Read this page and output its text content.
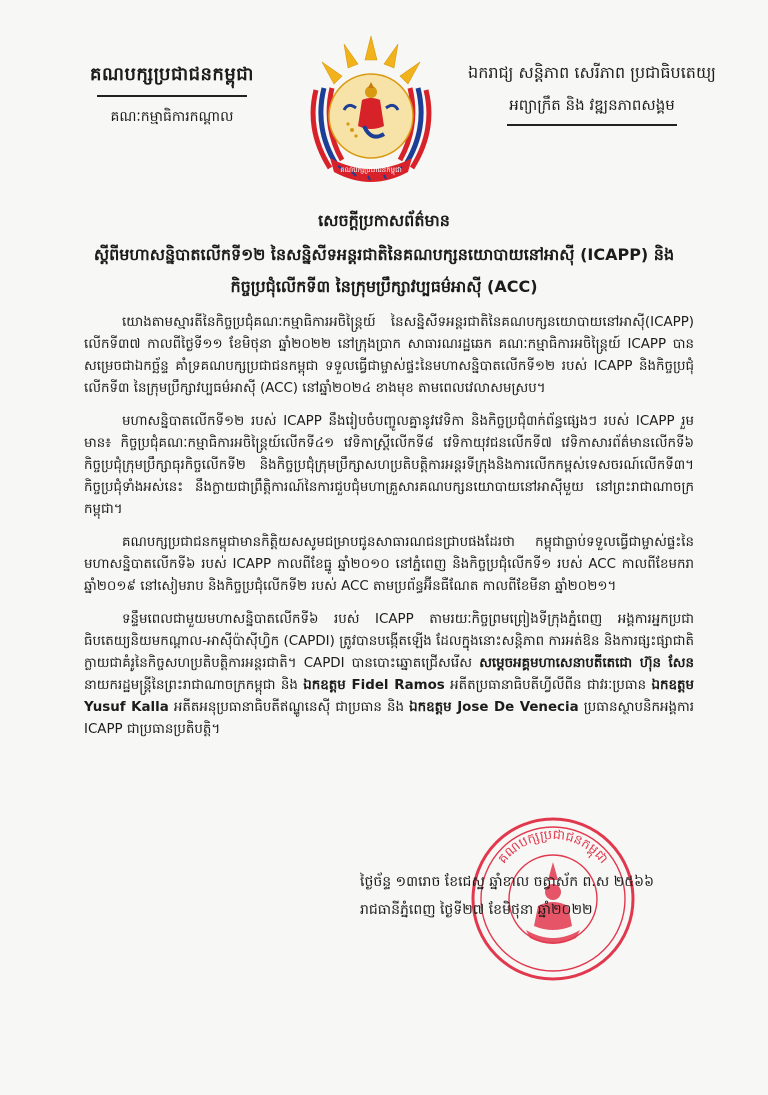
គណបក្សប្រជាជនកម្ពុជា
គណៈកម្មាធិការកណ្ដាល
គណបក្សប្រជាជនកម្ពុជា
ឯករាជ្យ សន្តិភាព សេរីភាព ប្រជាធិបតេយ្យ
អព្យាក្រឹត និង វឌ្ឍនភាពសង្គម
សេចក្ដីប្រកាសព័ត៌មាន
ស្ដីពីមហាសន្និបាតលើកទី១២ នៃសន្និសីទអន្តរជាតិនៃគណបក្សនយោបាយនៅអាស៊ី (ICAPP) និង
កិច្ចប្រជុំលើកទី៣ នៃក្រុមប្រឹក្សាវប្បធម៌អាស៊ី (ACC)

យោងតាមស្មារតីនៃកិច្ចប្រជុំគណៈកម្មាធិការអចិន្ត្រៃយ៍ នៃសន្និសីទអន្តរជាតិនៃគណបក្សនយោបាយនៅអាស៊ី(ICAPP) លើកទី៣៧ កាលពីថ្ងៃទី១១ ខែមិថុនា ឆ្នាំ២០២២ នៅក្រុងប្រាក សាធារណរដ្ឋឆេក គណៈកម្មាធិការអចិន្ត្រៃយ៍ ICAPP បានសម្រេចជាឯកច្ឆ័ន្ទ គាំទ្រគណបក្សប្រជាជនកម្ពុជា ទទួលធ្វើជាម្ចាស់ផ្ទះនៃមហាសន្និបាតលើកទី១២ របស់ ICAPP និងកិច្ចប្រជុំលើកទី៣ នៃក្រុមប្រឹក្សាវប្បធម៌អាស៊ី (ACC) នៅឆ្នាំ២០២៤ ខាងមុខ តាមពេលវេលាសមស្រប។

មហាសន្និបាតលើកទី១២ របស់ ICAPP នឹងរៀបចំបញ្ចូលគ្នានូវវេទិកា និងកិច្ចប្រជុំ៣ក់ព័ន្ធផ្សេងៗ របស់ ICAPP រួមមាន៖ កិច្ចប្រជុំគណៈកម្មាធិការអចិន្ត្រៃយ៍លើកទី៤១ វេទិកាស្ត្រីលើកទី៨ វេទិកាយុវជនលើកទី៧ វេទិកាសារព័ត៌មានលើកទី៦ កិច្ចប្រជុំក្រុមប្រឹក្សាធុរកិច្ចលើកទី២ និងកិច្ចប្រជុំក្រុមប្រឹក្សាសហប្រតិបត្តិការអន្តរទីក្រុងនិងការលើកកម្ពស់ទេសចរណ៍លើកទី៣។ កិច្ចប្រជុំទាំងអស់នេះ នឹងក្លាយជាព្រឹត្តិការណ៍នៃការជួបជុំមហាគ្រួសារគណបក្សនយោបាយនៅអាស៊ីមួយ នៅព្រះរាជាណាចក្រកម្ពុជា។

គណបក្សប្រជាជនកម្ពុជាមានកិត្តិយសសូមជម្រាបជូនសាធារណជនជ្រាបផងដែរថា កម្ពុជាធ្លាប់ទទួលធ្វើជាម្ចាស់ផ្ទះនៃមហាសន្និបាតលើកទី៦ របស់ ICAPP កាលពីខែធ្នូ ឆ្នាំ២០១០ នៅភ្នំពេញ និងកិច្ចប្រជុំលើកទី១ របស់ ACC កាលពីខែមករា ឆ្នាំ២០១៩ នៅសៀមរាប និងកិច្ចប្រជុំលើកទី២ របស់ ACC តាមប្រព័ន្ធអ៊ីនធឺណែត កាលពីខែមីនា ឆ្នាំ២០២១។

ទន្ទឹមពេលជាមួយមហាសន្និបាតលើកទី៦ របស់ ICAPP តាមរយៈកិច្ចព្រមព្រៀងទីក្រុងភ្នំពេញ អង្គការអ្នកប្រជាធិបតេយ្យនិយមកណ្ដាល-អាស៊ីប៉ាស៊ីហ្វិក (CAPDI) ត្រូវបានបង្កើតឡើង ដែលក្នុងនោះសន្តិភាព ការអត់ឱន និងការផ្សះផ្សាជាតិ ក្លាយជាគំរូនៃកិច្ចសហប្រតិបត្តិការអន្តរជាតិ។ CAPDI បានបោះឆ្នោតជ្រើសរើស សម្ដេចអគ្គមហាសេនាបតីតេជោ ហ៊ុន សែន នាយករដ្ឋមន្ត្រីនៃព្រះរាជាណាចក្រកម្ពុជា និង ឯកឧត្តម Fidel Ramos អតីតប្រធានាធិបតីហ្វីលីពីន ជាវរៈប្រធាន ឯកឧត្តម Yusuf Kalla អតីតអនុប្រធានាធិបតីឥណ្ឌូនេស៊ី ជាប្រធាន និង ឯកឧត្តម Jose De Venecia ប្រធានស្ថាបនិកអង្គការ ICAPP ជាប្រធានប្រតិបត្តិ។

គណបក្សប្រជាជនកម្ពុជា
ថ្ងៃច័ន្ទ ១៣រោច ខែជេស្ឋ ឆ្នាំខាល ចត្វាស័ក ព.ស ២៥៦៦
រាជធានីភ្នំពេញ ថ្ងៃទី២៧ ខែមិថុនា ឆ្នាំ២០២២
